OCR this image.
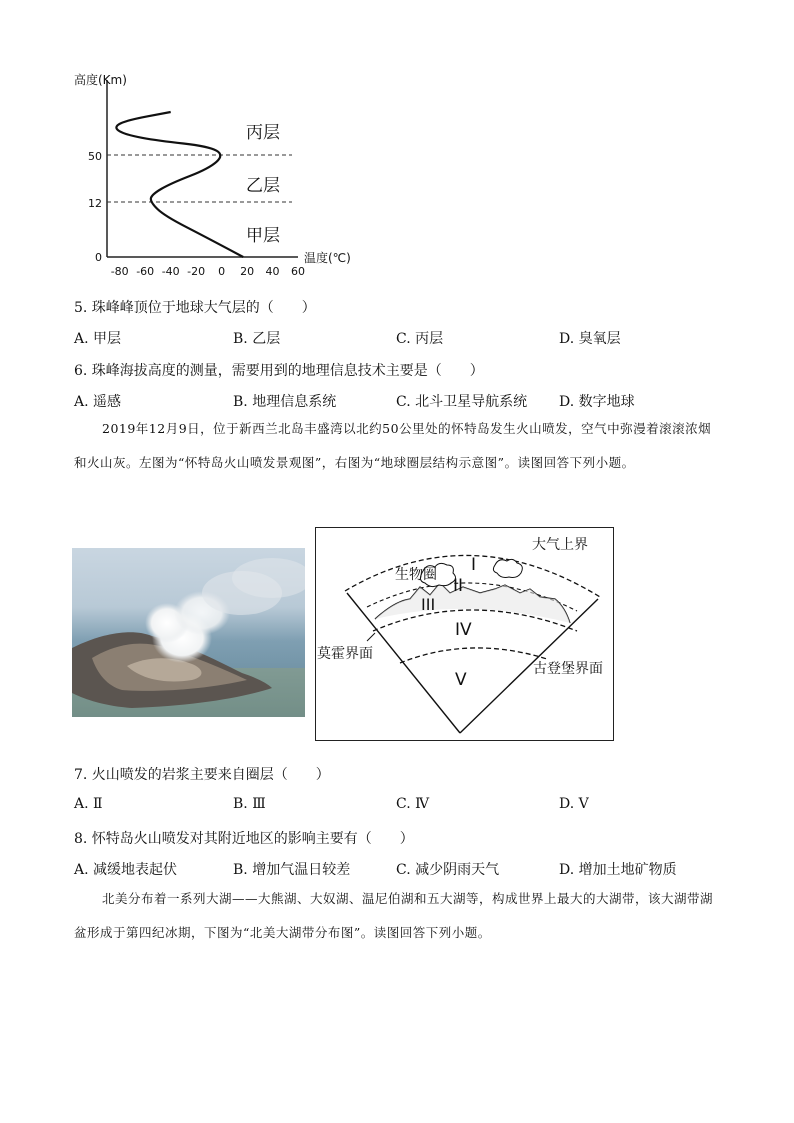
高度(Km)
温度(℃)
50
12
0
丙层
乙层
甲层
-80 -60 -40 -20 0 20 40 60
5. 珠峰峰顶位于地球大气层的（　　）
A. 甲层	B. 乙层	C. 丙层	D. 臭氧层
6. 珠峰海拔高度的测量，需要用到的地理信息技术主要是（　　）
A. 遥感	B. 地理信息系统	C. 北斗卫星导航系统 D. 数字地球
2019年12月9日，位于新西兰北岛丰盛湾以北约50公里处的怀特岛发生火山喷发，空气中弥漫着滚滚浓烟和火山灰。左图为“怀特岛火山喷发景观图”，右图为“地球圈层结构示意图”。读图回答下列小题。
大气上界
生物圈
莫霍界面
古登堡界面
I
II
III
IV
V
7. 火山喷发的岩浆主要来自圈层（　　）
A. Ⅱ	B. Ⅲ	C. Ⅳ	D. Ⅴ
8. 怀特岛火山喷发对其附近地区的影响主要有（　　）
A. 减缓地表起伏	B. 增加气温日较差	C. 减少阴雨天气	D. 增加土地矿物质
北美分布着一系列大湖——大熊湖、大奴湖、温尼伯湖和五大湖等，构成世界上最大的大湖带，该大湖带湖盆形成于第四纪冰期，下图为“北美大湖带分布图”。读图回答下列小题。
